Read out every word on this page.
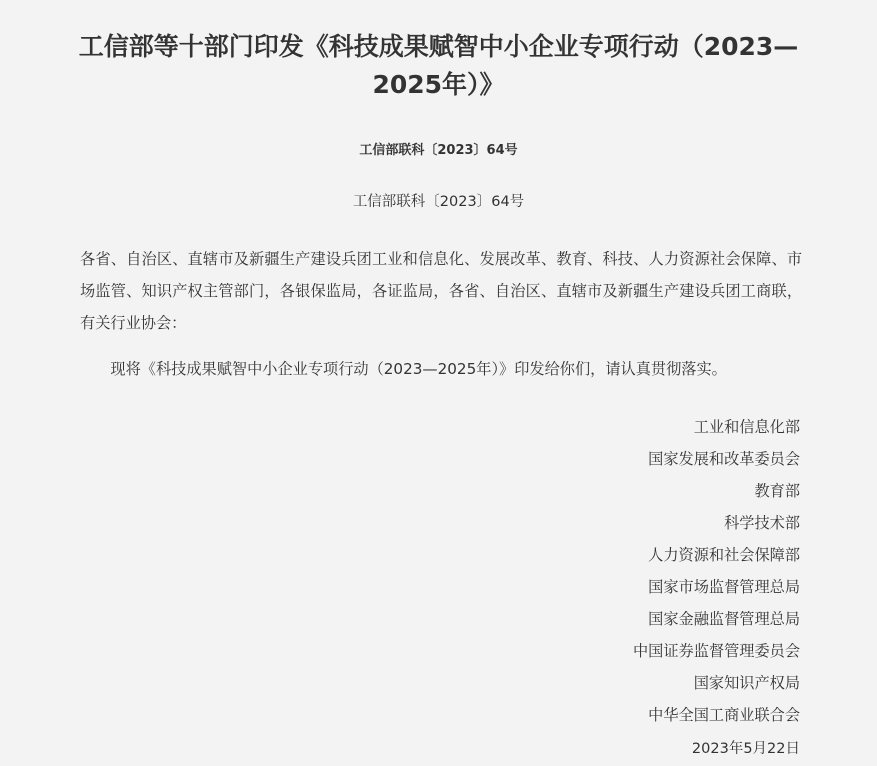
工信部等十部门印发《科技成果赋智中小企业专项行动（2023—2025年）》
工信部联科〔2023〕64号
工信部联科〔2023〕64号

各省、自治区、直辖市及新疆生产建设兵团工业和信息化、发展改革、教育、科技、人力资源社会保障、市场监管、知识产权主管部门，各银保监局，各证监局，各省、自治区、直辖市及新疆生产建设兵团工商联，有关行业协会：

现将《科技成果赋智中小企业专项行动（2023—2025年）》印发给你们，请认真贯彻落实。

工业和信息化部
国家发展和改革委员会
教育部
科学技术部
人力资源和社会保障部
国家市场监督管理总局
国家金融监督管理总局
中国证券监督管理委员会
国家知识产权局
中华全国工商业联合会
2023年5月22日
